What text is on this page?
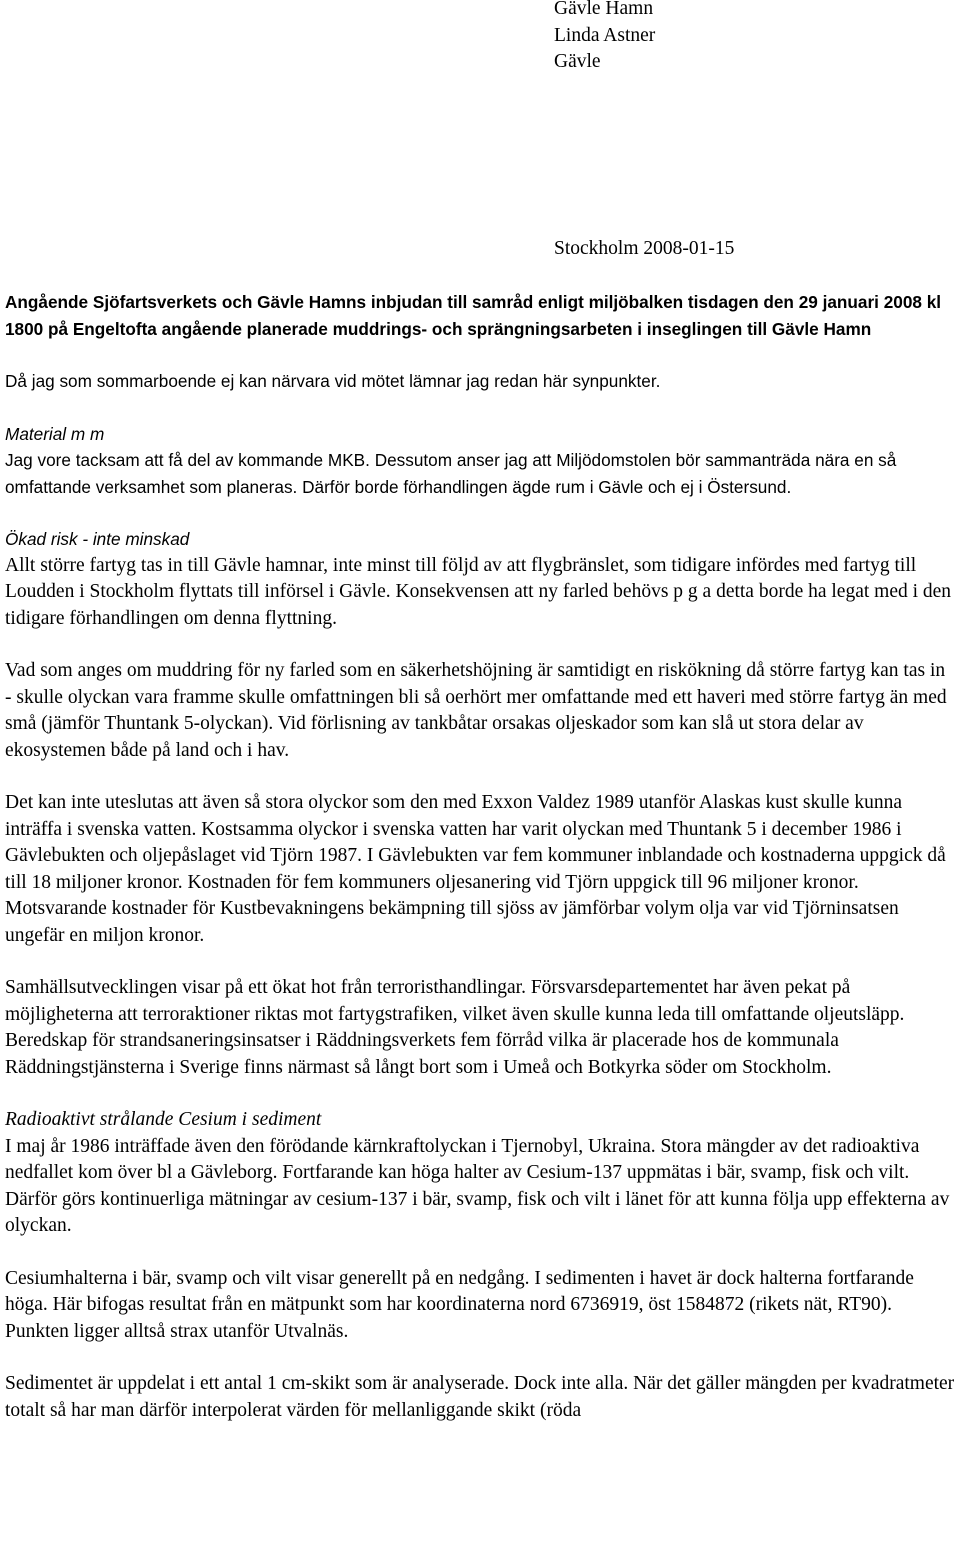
Gävle Hamn
Linda Astner
Gävle
Stockholm 2008-01-15

Angående Sjöfartsverkets och Gävle Hamns inbjudan till samråd enligt miljöbalken tisdagen den 29 januari 2008 kl 1800 på Engeltofta angående planerade muddrings- och sprängningsarbeten i inseglingen till Gävle Hamn

Då jag som sommarboende ej kan närvara vid mötet lämnar jag redan här synpunkter.

Material m m

Jag vore tacksam att få del av kommande MKB. Dessutom anser jag att Miljödomstolen bör sammanträda nära en så omfattande verksamhet som planeras. Därför borde förhandlingen ägde rum i Gävle och ej i Östersund.

Ökad risk - inte minskad

Allt större fartyg tas in till Gävle hamnar, inte minst till följd av att flygbränslet, som tidigare infördes med fartyg till Loudden i Stockholm flyttats till införsel i Gävle. Konsekvensen att ny farled behövs p g a detta borde ha legat med i den tidigare förhandlingen om denna flyttning.

Vad som anges om muddring för ny farled som en säkerhetshöjning är samtidigt en riskökning då större fartyg kan tas in - skulle olyckan vara framme skulle omfattningen bli så oerhört mer omfattande med ett haveri med större fartyg än med små (jämför Thuntank 5-olyckan). Vid förlisning av tankbåtar orsakas oljeskador som kan slå ut stora delar av ekosystemen både på land och i hav.

Det kan inte uteslutas att även så stora olyckor som den med Exxon Valdez 1989 utanför Alaskas kust skulle kunna inträffa i svenska vatten. Kostsamma olyckor i svenska vatten har varit olyckan med Thuntank 5 i december 1986 i Gävlebukten och oljepåslaget vid Tjörn 1987. I Gävlebukten var fem kommuner inblandade och kostnaderna uppgick då till 18 miljoner kronor. Kostnaden för fem kommuners oljesanering vid Tjörn uppgick till 96 miljoner kronor. Motsvarande kostnader för Kustbevakningens bekämpning till sjöss av jämförbar volym olja var vid Tjörninsatsen ungefär en miljon kronor.

Samhällsutvecklingen visar på ett ökat hot från terroristhandlingar. Försvarsdepartementet har även pekat på möjligheterna att terroraktioner riktas mot fartygstrafiken, vilket även skulle kunna leda till omfattande oljeutsläpp. Beredskap för strandsaneringsinsatser i Räddningsverkets fem förråd vilka är placerade hos de kommunala Räddningstjänsterna i Sverige finns närmast så långt bort som i Umeå och Botkyrka söder om Stockholm.

Radioaktivt strålande Cesium i sediment

I maj år 1986 inträffade även den förödande kärnkraftolyckan i Tjernobyl, Ukraina. Stora mängder av det radioaktiva nedfallet kom över bl a Gävleborg. Fortfarande kan höga halter av Cesium-137 uppmätas i bär, svamp, fisk och vilt. Därför görs kontinuerliga mätningar av cesium-137 i bär, svamp, fisk och vilt i länet för att kunna följa upp effekterna av olyckan.

Cesiumhalterna i bär, svamp och vilt visar generellt på en nedgång. I sedimenten i havet är dock halterna fortfarande höga. Här bifogas resultat från en mätpunkt som har koordinaterna nord 6736919, öst 1584872 (rikets nät, RT90). Punkten ligger alltså strax utanför Utvalnäs.

Sedimentet är uppdelat i ett antal 1 cm-skikt som är analyserade. Dock inte alla. När det gäller mängden per kvadratmeter totalt så har man därför interpolerat värden för mellanliggande skikt (röda
